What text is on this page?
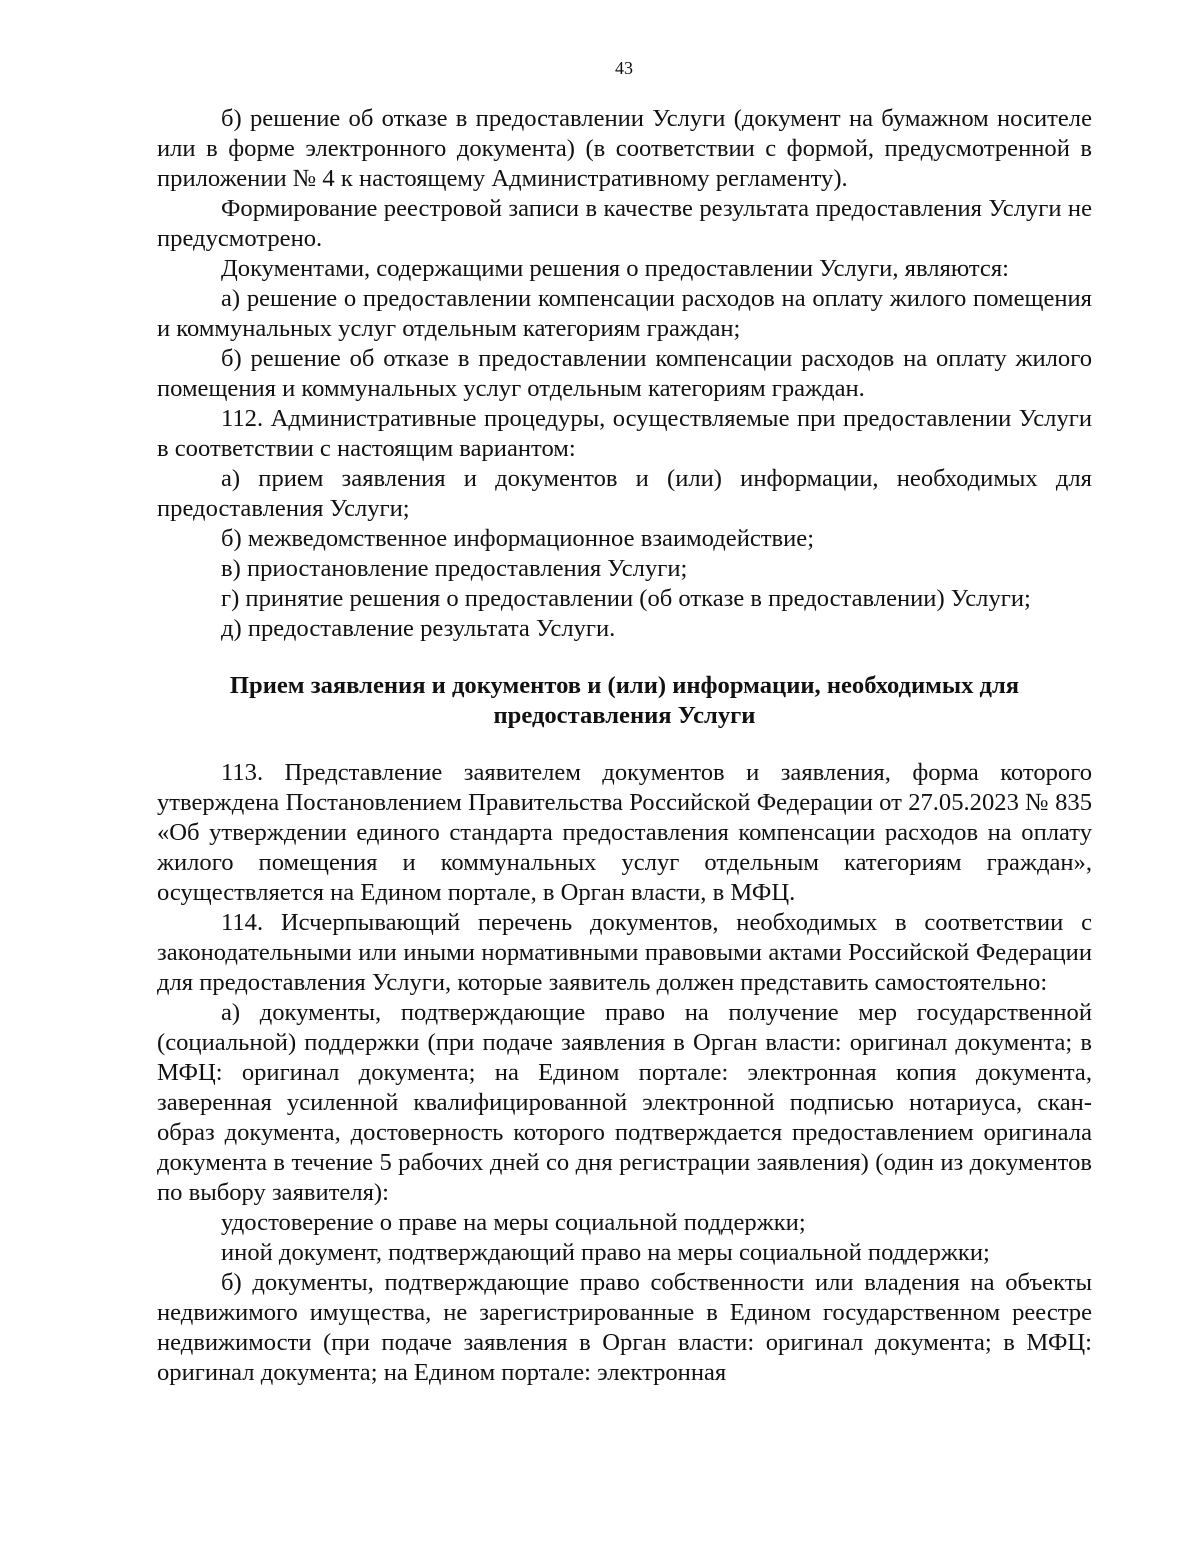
43

б) решение об отказе в предоставлении Услуги (документ на бумажном носителе или в форме электронного документа) (в соответствии с формой, предусмотренной в приложении № 4 к настоящему Административному регламенту).

Формирование реестровой записи в качестве результата предоставления Услуги не предусмотрено.

Документами, содержащими решения о предоставлении Услуги, являются:

а) решение о предоставлении компенсации расходов на оплату жилого помещения и коммунальных услуг отдельным категориям граждан;

б) решение об отказе в предоставлении компенсации расходов на оплату жилого помещения и коммунальных услуг отдельным категориям граждан.

112. Административные процедуры, осуществляемые при предоставлении Услуги в соответствии с настоящим вариантом:

а) прием заявления и документов и (или) информации, необходимых для предоставления Услуги;

б) межведомственное информационное взаимодействие;

в) приостановление предоставления Услуги;

г) принятие решения о предоставлении (об отказе в предоставлении) Услуги;

д) предоставление результата Услуги.

Прием заявления и документов и (или) информации, необходимых для
предоставления Услуги

113. Представление заявителем документов и заявления, форма которого утверждена Постановлением Правительства Российской Федерации от 27.05.2023 № 835 «Об утверждении единого стандарта предоставления компенсации расходов на оплату жилого помещения и коммунальных услуг отдельным категориям граждан», осуществляется на Едином портале, в Орган власти, в МФЦ.

114. Исчерпывающий перечень документов, необходимых в соответствии с законодательными или иными нормативными правовыми актами Российской Федерации для предоставления Услуги, которые заявитель должен представить самостоятельно:

а) документы, подтверждающие право на получение мер государственной (социальной) поддержки (при подаче заявления в Орган власти: оригинал документа; в МФЦ: оригинал документа; на Едином портале: электронная копия документа, заверенная усиленной квалифицированной электронной подписью нотариуса, скан-образ документа, достоверность которого подтверждается предоставлением оригинала документа в течение 5 рабочих дней со дня регистрации заявления) (один из документов по выбору заявителя):

удостоверение о праве на меры социальной поддержки;

иной документ, подтверждающий право на меры социальной поддержки;

б) документы, подтверждающие право собственности или владения на объекты недвижимого имущества, не зарегистрированные в Едином государственном реестре недвижимости (при подаче заявления в Орган власти: оригинал документа; в МФЦ: оригинал документа; на Едином портале: электронная
